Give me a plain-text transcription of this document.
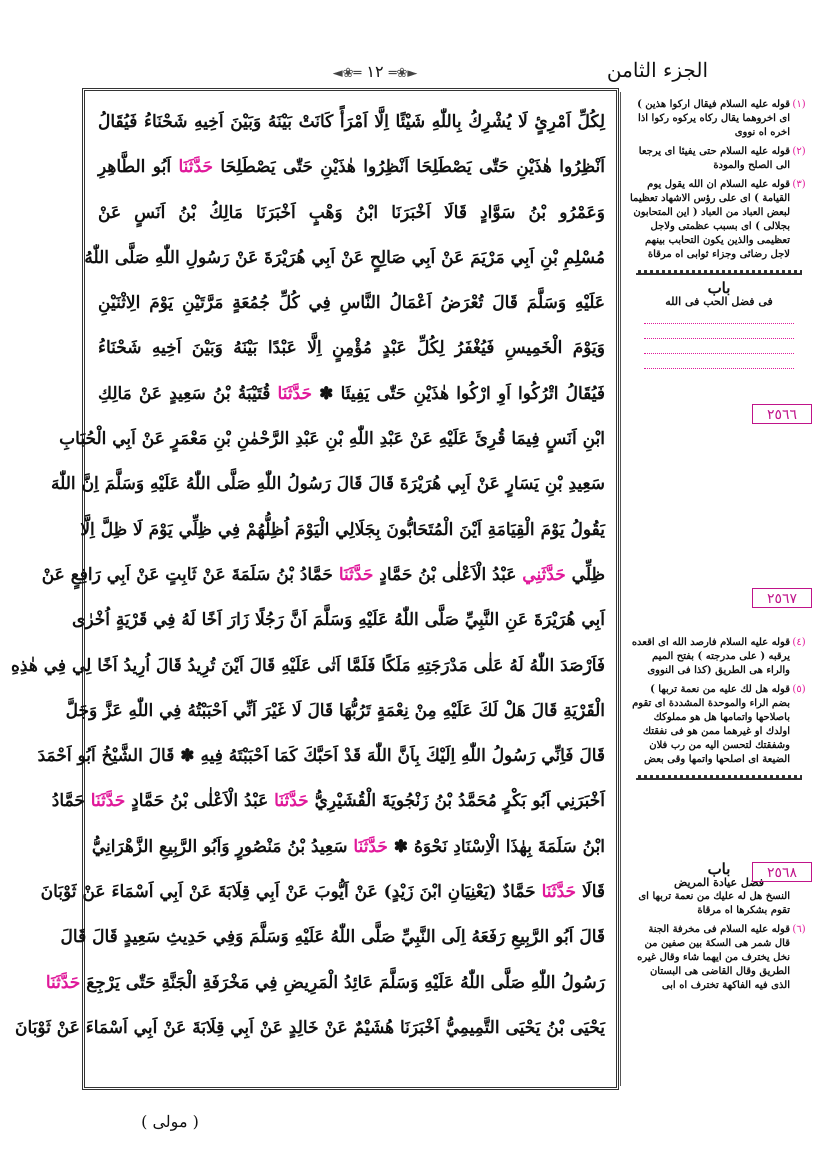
الجزء الثامن
◄❀═ ١٢ ═❀►
لِكُلِّ اَمْرِئٍ لَا يُشْرِكُ بِاللّٰهِ شَيْئًا اِلَّا اَمْرَأً كَانَتْ بَيْنَهُ وَبَيْنَ اَخِيهِ شَحْنَاءُ فَيُقَالُ
اَنْظِرُوا هٰذَيْنِ حَتّٰى يَصْطَلِحَا اَنْظِرُوا هٰذَيْنِ حَتّٰى يَصْطَلِحَا حَدَّثَنَا اَبُو الطَّاهِرِ
وَعَمْرُو بْنُ سَوَّادٍ قَالَا اَخْبَرَنَا ابْنُ وَهْبٍ اَخْبَرَنَا مَالِكُ بْنُ اَنَسٍ عَنْ
مُسْلِمِ بْنِ اَبِي مَرْيَمَ عَنْ اَبِي صَالِحٍ عَنْ اَبِي هُرَيْرَةَ عَنْ رَسُولِ اللّٰهِ صَلَّى اللّٰهُ
عَلَيْهِ وَسَلَّمَ قَالَ تُعْرَضُ اَعْمَالُ النَّاسِ فِي كُلِّ جُمُعَةٍ مَرَّتَيْنِ يَوْمَ الِاثْنَيْنِ
وَيَوْمَ الْخَمِيسِ فَيُغْفَرُ لِكُلِّ عَبْدٍ مُؤْمِنٍ اِلَّا عَبْدًا بَيْنَهُ وَبَيْنَ اَخِيهِ شَحْنَاءُ
فَيُقَالُ اتْرُكُوا اَوِ ارْكُوا هٰذَيْنِ حَتّٰى يَفِيئَا ✽ حَدَّثَنَا قُتَيْبَةُ بْنُ سَعِيدٍ عَنْ مَالِكِ
ابْنِ اَنَسٍ فِيمَا قُرِئَ عَلَيْهِ عَنْ عَبْدِ اللّٰهِ بْنِ عَبْدِ الرَّحْمٰنِ بْنِ مَعْمَرٍ عَنْ اَبِي الْحُبَابِ
سَعِيدِ بْنِ يَسَارٍ عَنْ اَبِي هُرَيْرَةَ قَالَ قَالَ رَسُولُ اللّٰهِ صَلَّى اللّٰهُ عَلَيْهِ وَسَلَّمَ اِنَّ اللّٰهَ
يَقُولُ يَوْمَ الْقِيَامَةِ اَيْنَ الْمُتَحَابُّونَ بِجَلَالِي الْيَوْمَ اُظِلُّهُمْ فِي ظِلِّي يَوْمَ لَا ظِلَّ اِلَّا
ظِلِّي حَدَّثَنِي عَبْدُ الْاَعْلٰى بْنُ حَمَّادٍ حَدَّثَنَا حَمَّادُ بْنُ سَلَمَةَ عَنْ ثَابِتٍ عَنْ اَبِي رَافِعٍ عَنْ
اَبِي هُرَيْرَةَ عَنِ النَّبِيِّ صَلَّى اللّٰهُ عَلَيْهِ وَسَلَّمَ اَنَّ رَجُلًا زَارَ اَخًا لَهُ فِي قَرْيَةٍ اُخْرٰى
فَاَرْصَدَ اللّٰهُ لَهُ عَلٰى مَدْرَجَتِهِ مَلَكًا فَلَمَّا اَتٰى عَلَيْهِ قَالَ اَيْنَ تُرِيدُ قَالَ اُرِيدُ اَخًا لِي فِي هٰذِهِ
الْقَرْيَةِ قَالَ هَلْ لَكَ عَلَيْهِ مِنْ نِعْمَةٍ تَرُبُّهَا قَالَ لَا غَيْرَ اَنِّي اَحْبَبْتُهُ فِي اللّٰهِ عَزَّ وَجَلَّ
قَالَ فَاِنِّي رَسُولُ اللّٰهِ اِلَيْكَ بِاَنَّ اللّٰهَ قَدْ اَحَبَّكَ كَمَا اَحْبَبْتَهُ فِيهِ ✽ قَالَ الشَّيْخُ اَبُو اَحْمَدَ
اَخْبَرَنِي اَبُو بَكْرٍ مُحَمَّدُ بْنُ زَنْجُويَةَ الْقُشَيْرِيُّ حَدَّثَنَا عَبْدُ الْاَعْلٰى بْنُ حَمَّادٍ حَدَّثَنَا حَمَّادُ
ابْنُ سَلَمَةَ بِهٰذَا الْاِسْنَادِ نَحْوَهُ ✽ حَدَّثَنَا سَعِيدُ بْنُ مَنْصُورٍ وَاَبُو الرَّبِيعِ الزَّهْرَانِيُّ
قَالَا حَدَّثَنَا حَمَّادٌ (يَعْنِيَانِ ابْنَ زَيْدٍ) عَنْ اَيُّوبَ عَنْ اَبِي قِلَابَةَ عَنْ اَبِي اَسْمَاءَ عَنْ ثَوْبَانَ
قَالَ اَبُو الرَّبِيعِ رَفَعَهُ اِلَى النَّبِيِّ صَلَّى اللّٰهُ عَلَيْهِ وَسَلَّمَ وَفِي حَدِيثِ سَعِيدٍ قَالَ قَالَ
رَسُولُ اللّٰهِ صَلَّى اللّٰهُ عَلَيْهِ وَسَلَّمَ عَائِدُ الْمَرِيضِ فِي مَخْرَفَةِ الْجَنَّةِ حَتّٰى يَرْجِعَ حَدَّثَنَا
يَحْيَى بْنُ يَحْيَى التَّمِيمِيُّ اَخْبَرَنَا هُشَيْمٌ عَنْ خَالِدٍ عَنْ اَبِي قِلَابَةَ عَنْ اَبِي اَسْمَاءَ عَنْ ثَوْبَانَ
(١)
قوله عليه السلام فيقال اركوا هذين ) اى اخروهما يقال ركاه يركوه ركوا اذا اخره اه نووى
(٢)
قوله عليه السلام حتى يفيئا اى يرجعا الى الصلح والمودة
(٣)
قوله عليه السلام ان الله يقول يوم القيامة ) اى على رؤس الاشهاد تعظيما لبعض العباد من العباد ( اين المتحابون بجلالى ) اى بسبب عظمتى ولاجل تعظيمى والذين يكون التحابب بينهم لاجل رضائى وجزاء ثوابى اه مرقاة
باب
فى فضل الحب فى الله
(٤)
قوله عليه السلام فارصد الله اى اقعده يرقبه ( على مدرجته ) بفتح الميم والراء هى الطريق (كذا فى النووى
(٥)
قوله هل لك عليه من نعمة تربها ) بضم الراء والموحدة المشددة اى تقوم باصلاحها واتمامها هل هو مملوكك اولدك او غيرهما ممن هو فى نفقتك وشفقتك لتحسن اليه من رب فلان الضيعة اى اصلحها واتمها وقى بعض
باب
فضل عيادة المريض
النسخ هل له عليك من نعمة تربها اى تقوم بشكرها اه مرقاة
(٦)
قوله عليه السلام فى مخرفة الجنة قال شمر هى السكة بين صفين من نخل يخترف من ايهما شاء وقال غيره الطريق وقال القاضى هى البستان الذى فيه الفاكهة تخترف اه ابى
٢٥٦٦
٢٥٦٧
٢٥٦٨
( مولى )
